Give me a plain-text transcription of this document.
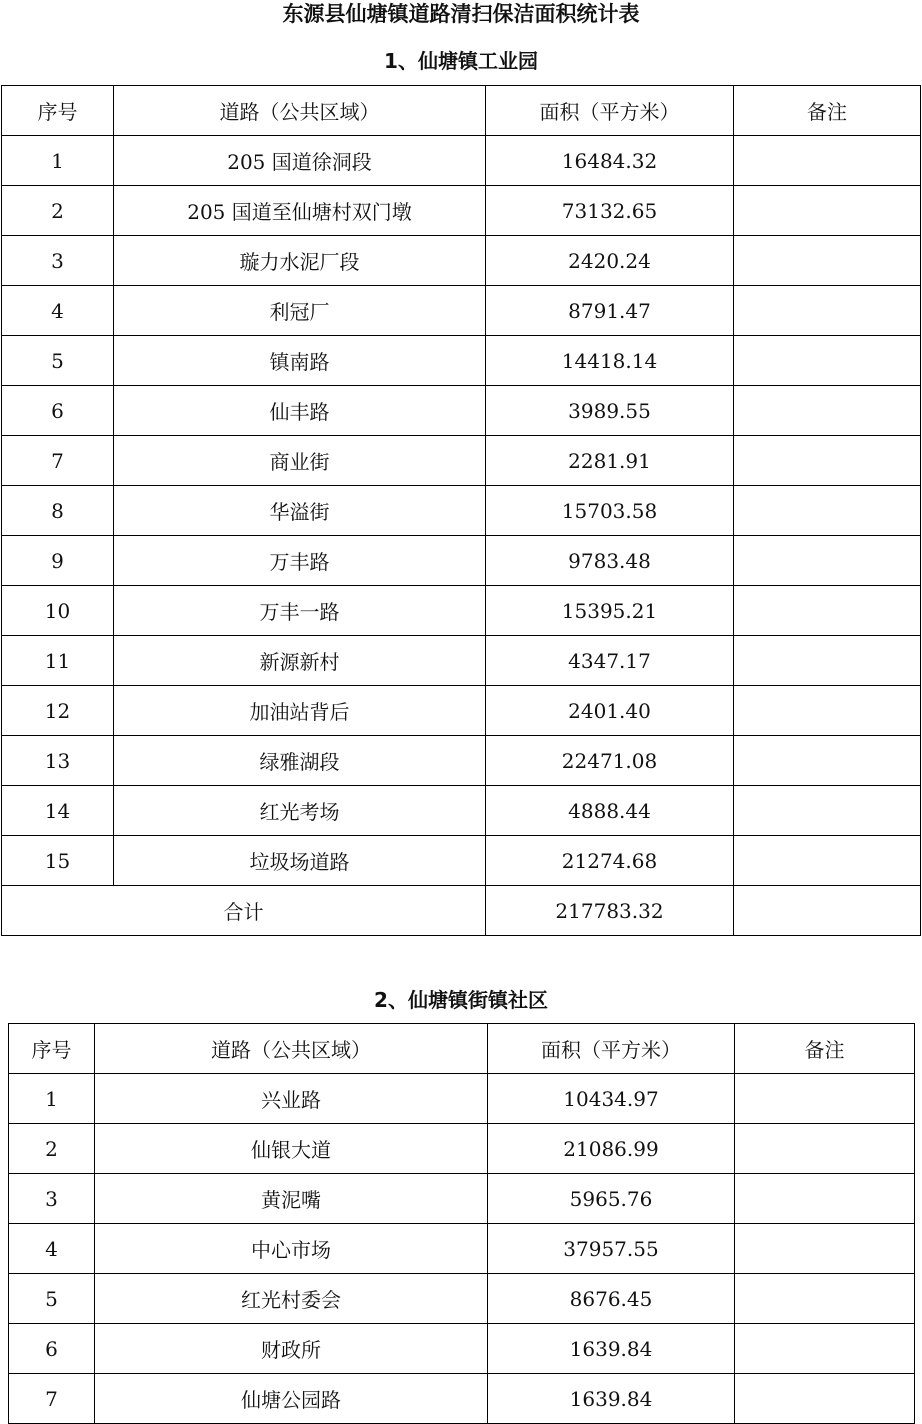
东源县仙塘镇道路清扫保洁面积统计表
1、仙塘镇工业园
序号	道路（公共区域）	面积（平方米）	备注
1	205 国道徐洞段	16484.32	
2	205 国道至仙塘村双门墩	73132.65	
3	璇力水泥厂段	2420.24	
4	利冠厂	8791.47	
5	镇南路	14418.14	
6	仙丰路	3989.55	
7	商业街	2281.91	
8	华溢街	15703.58	
9	万丰路	9783.48	
10	万丰一路	15395.21	
11	新源新村	4347.17	
12	加油站背后	2401.40	
13	绿雅湖段	22471.08	
14	红光考场	4888.44	
15	垃圾场道路	21274.68	
合计		217783.32	
2、仙塘镇街镇社区
序号	道路（公共区域）	面积（平方米）	备注
1	兴业路	10434.97	
2	仙银大道	21086.99	
3	黄泥嘴	5965.76	
4	中心市场	37957.55	
5	红光村委会	8676.45	
6	财政所	1639.84	
7	仙塘公园路	1639.84	
